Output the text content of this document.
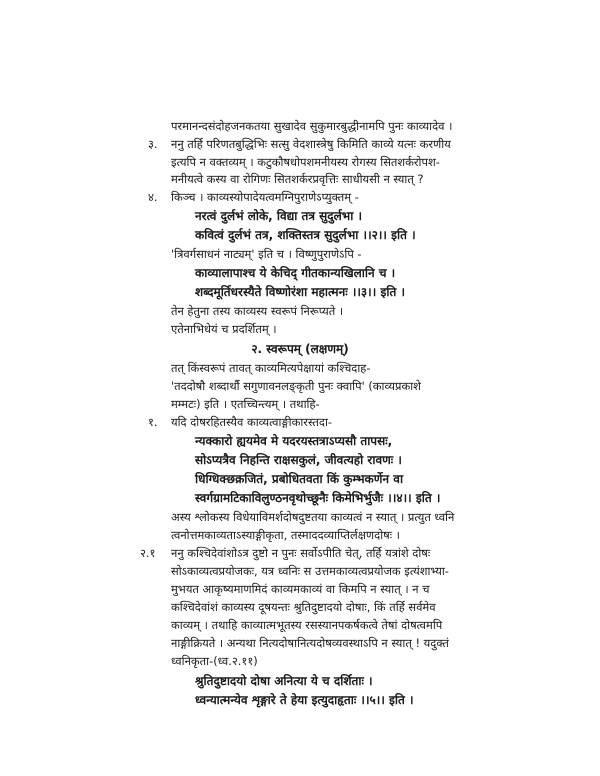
परमानन्दसंदोहजनकतया सुखादेव सुकुमारबुद्धीनामपि पुनः काव्यादेव ।
३. ननु तर्हि परिणतबुद्धिभिः सत्सु वेदशास्त्रेषु किमिति काव्ये यत्नः करणीय
इत्यपि न वक्तव्यम् । कटुकौषधोपशमनीयस्य रोगस्य सितशर्करोपश-
मनीयत्वे कस्य वा रोगिणः सितशर्करप्रवृत्तिः साधीयसी न स्यात् ?
४. किञ्च । काव्यस्योपादेयत्वमग्निपुराणेऽप्युक्तम् -
नरत्वं दुर्लभं लोके, विद्या तत्र सुदुर्लभा ।
कवित्वं दुर्लभं तत्र, शक्तिस्तत्र सुदुर्लभा ।।२।। इति ।
'त्रिवर्गसाधनं नाट्यम्' इति च । विष्णुपुराणेऽपि -
काव्यालापाश्च ये केचिद् गीतकान्यखिलानि च ।
शब्दमूर्तिधरस्यैते विष्णोरंशा महात्मनः ।।३।। इति ।
तेन हेतुना तस्य काव्यस्य स्वरूपं निरूप्यते ।
एतेनाभिधेयं च प्रदर्शितम् ।
२. स्वरूपम् (लक्षणम्)
तत् किंस्वरूपं तावत् काव्यमित्यपेक्षायां कश्चिदाह-
'तददोषौ शब्दार्थौ सगुणावनलङ्कृती पुनः क्वापि' (काव्यप्रकाशे
मम्मटः) इति । एतच्चिन्त्यम् । तथाहि-
१. यदि दोषरहितस्यैव काव्यत्वाङ्गीकारस्तदा-
न्यक्कारो ह्ययमेव मे यदरयस्तत्राऽप्यसौ तापसः,
सोऽप्यत्रैव निहन्ति राक्षसकुलं, जीवत्यहो रावणः ।
धिग्धिक्छक्रजितं, प्रबोधितवता किं कुम्भकर्णेन वा
स्वर्गग्रामटिकाविलुण्ठनवृथोच्छूनैः किमेभिर्भुजैः ।।४।। इति ।
अस्य श्लोकस्य विधेयाविमर्शदोषदुष्टतया काव्यत्वं न स्यात् । प्रत्युत ध्वनि
त्वनोत्तमकाव्यताऽस्याङ्गीकृता, तस्माददव्याप्तिर्लक्षणदोषः ।
२.१ ननु कश्चिदेवांशोऽत्र दुष्टो न पुनः सर्वोऽपीति चेत्, तर्हि यत्रांशे दोषः
सोऽकाव्यत्वप्रयोजकः, यत्र ध्वनिः स उत्तमकाव्यत्वप्रयोजक इत्यंशाभ्या-
मुभयत आकृष्यमाणमिदं काव्यमकाव्यं वा किमपि न स्यात् । न च
कश्चिदेवांशं काव्यस्य दूषयन्तः श्रुतिदुष्टादयो दोषाः, किं तर्हि सर्वमेव
काव्यम् । तथाहि काव्यात्मभूतस्य रसस्यानपकर्षकत्वे तेषां दोषत्वमपि
नाङ्गीक्रियते । अन्यथा नित्यदोषानित्यदोषव्यवस्थाऽपि न स्यात् ! यदुक्तं
ध्वनिकृता-(ध्व.२.११)
श्रुतिदुष्टादयो दोषा अनित्या ये च दर्शिताः ।
ध्वन्यात्मन्येव शृङ्गारे ते हेया इत्युदाहृताः ।।५।। इति ।
